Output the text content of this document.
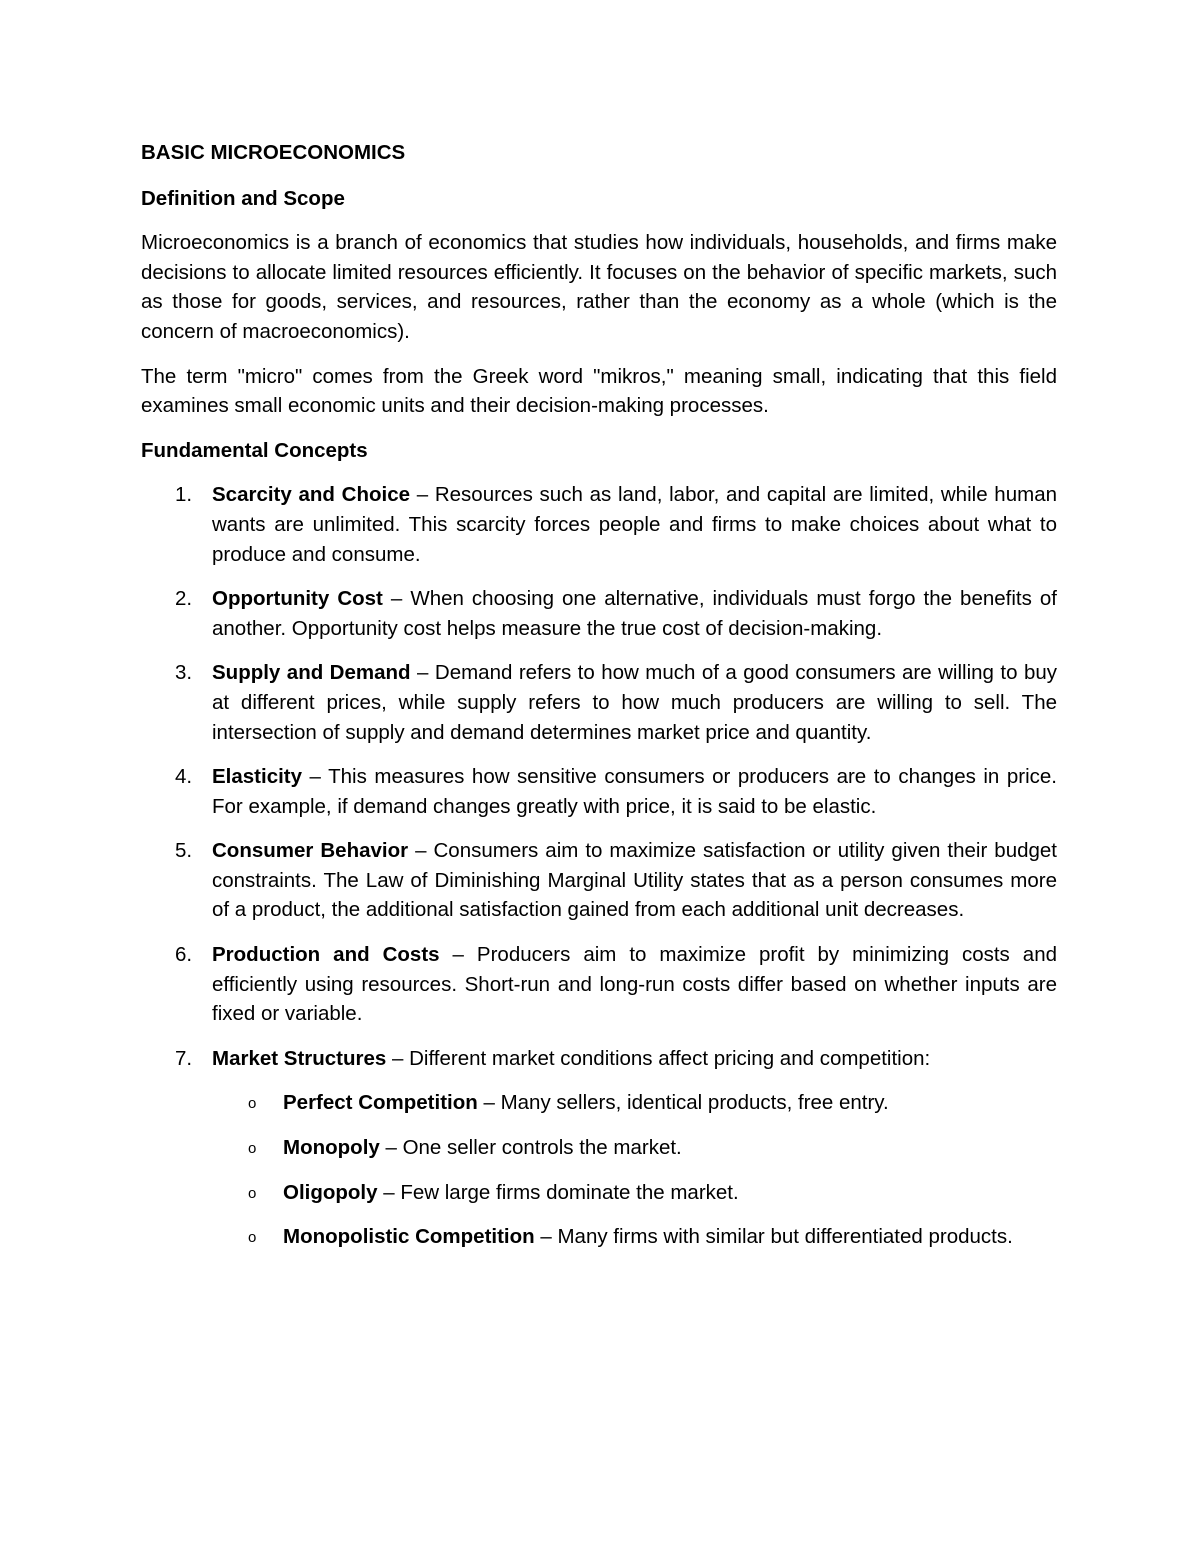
BASIC MICROECONOMICS
Definition and Scope

Microeconomics is a branch of economics that studies how individuals, households, and firms make decisions to allocate limited resources efficiently. It focuses on the behavior of specific markets, such as those for goods, services, and resources, rather than the economy as a whole (which is the concern of macroeconomics).

The term "micro" comes from the Greek word "mikros," meaning small, indicating that this field examines small economic units and their decision-making processes.

Fundamental Concepts
1. Scarcity and Choice – Resources such as land, labor, and capital are limited, while human wants are unlimited. This scarcity forces people and firms to make choices about what to produce and consume.
2. Opportunity Cost – When choosing one alternative, individuals must forgo the benefits of another. Opportunity cost helps measure the true cost of decision-making.
3. Supply and Demand – Demand refers to how much of a good consumers are willing to buy at different prices, while supply refers to how much producers are willing to sell. The intersection of supply and demand determines market price and quantity.
4. Elasticity – This measures how sensitive consumers or producers are to changes in price. For example, if demand changes greatly with price, it is said to be elastic.
5. Consumer Behavior – Consumers aim to maximize satisfaction or utility given their budget constraints. The Law of Diminishing Marginal Utility states that as a person consumes more of a product, the additional satisfaction gained from each additional unit decreases.
6. Production and Costs – Producers aim to maximize profit by minimizing costs and efficiently using resources. Short-run and long-run costs differ based on whether inputs are fixed or variable.
7. Market Structures – Different market conditions affect pricing and competition:
o Perfect Competition – Many sellers, identical products, free entry.
o Monopoly – One seller controls the market.
o Oligopoly – Few large firms dominate the market.
o Monopolistic Competition – Many firms with similar but differentiated products.
